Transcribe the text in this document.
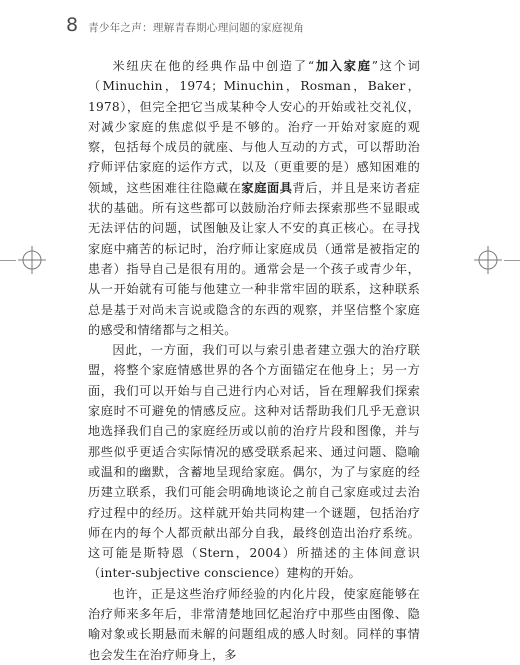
8 青少年之声：理解青春期心理问题的家庭视角

米纽庆在他的经典作品中创造了“加入家庭”这个词（Minuchin，1974；Minuchin，Rosman，Baker，1978），但完全把它当成某种令人安心的开始或社交礼仪，对减少家庭的焦虑似乎是不够的。治疗一开始对家庭的观察，包括每个成员的就座、与他人互动的方式，可以帮助治疗师评估家庭的运作方式，以及（更重要的是）感知困难的领域，这些困难往往隐藏在家庭面具背后，并且是来访者症状的基础。所有这些都可以鼓励治疗师去探索那些不显眼或无法评估的问题，试图触及让家人不安的真正核心。在寻找家庭中痛苦的标记时，治疗师让家庭成员（通常是被指定的患者）指导自己是很有用的。通常会是一个孩子或青少年，从一开始就有可能与他建立一种非常牢固的联系，这种联系总是基于对尚未言说或隐含的东西的观察，并坚信整个家庭的感受和情绪都与之相关。

因此，一方面，我们可以与索引患者建立强大的治疗联盟，将整个家庭情感世界的各个方面锚定在他身上；另一方面，我们可以开始与自己进行内心对话，旨在理解我们探索家庭时不可避免的情感反应。这种对话帮助我们几乎无意识地选择我们自己的家庭经历或以前的治疗片段和图像，并与那些似乎更适合实际情况的感受联系起来、通过问题、隐喻或温和的幽默，含蓄地呈现给家庭。偶尔，为了与家庭的经历建立联系，我们可能会明确地谈论之前自己家庭或过去治疗过程中的经历。这样就开始共同构建一个谜题，包括治疗师在内的每个人都贡献出部分自我，最终创造出治疗系统。这可能是斯特恩（Stern，2004）所描述的主体间意识（inter-subjective conscience）建构的开始。

也许，正是这些治疗师经验的内化片段，使家庭能够在治疗师来多年后，非常清楚地回忆起治疗中那些由图像、隐喻对象或长期悬而未解的问题组成的感人时刻。同样的事情也会发生在治疗师身上，多
